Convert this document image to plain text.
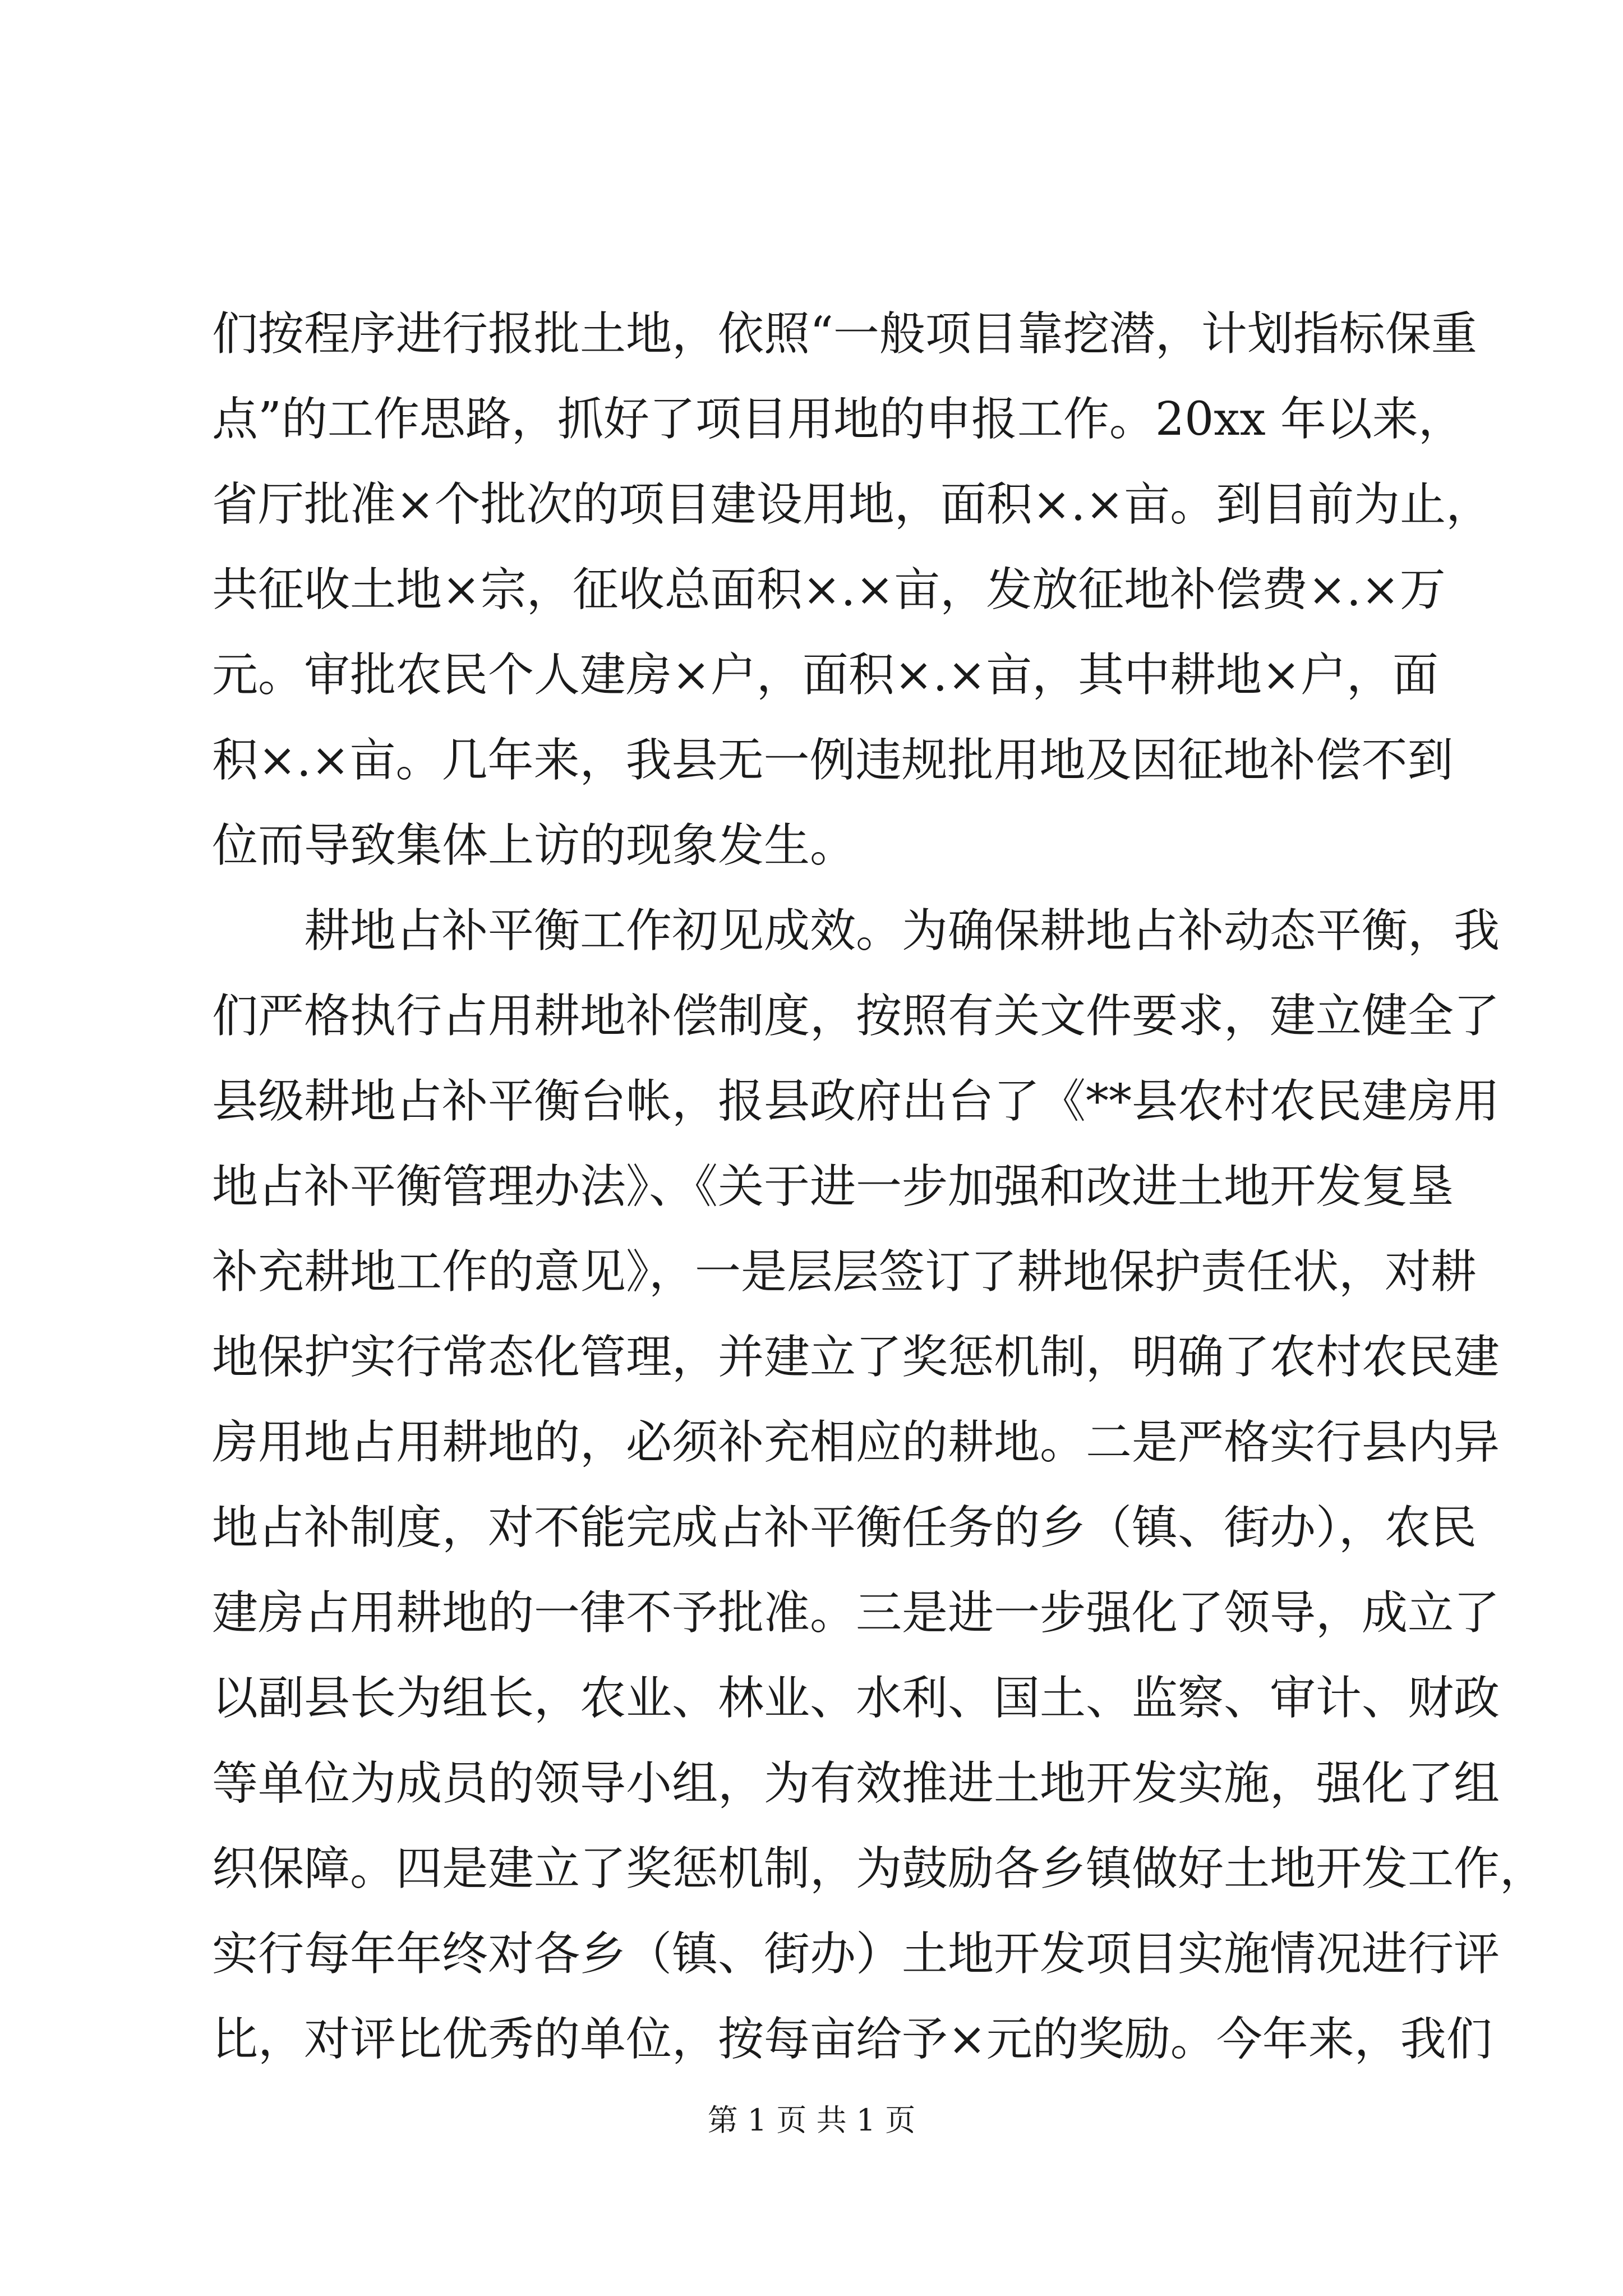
们按程序进行报批土地，依照“一般项目靠挖潜，计划指标保重
点”的工作思路，抓好了项目用地的申报工作。20xx 年以来，
省厅批准×个批次的项目建设用地，面积×.×亩。到目前为止，
共征收土地×宗，征收总面积×.×亩，发放征地补偿费×.×万
元。审批农民个人建房×户，面积×.×亩，其中耕地×户，面
积×.×亩。几年来，我县无一例违规批用地及因征地补偿不到
位而导致集体上访的现象发生。
耕地占补平衡工作初见成效。为确保耕地占补动态平衡，我
们严格执行占用耕地补偿制度，按照有关文件要求，建立健全了
县级耕地占补平衡台帐，报县政府出台了《**县农村农民建房用
地占补平衡管理办法》、《关于进一步加强和改进土地开发复垦
补充耕地工作的意见》，一是层层签订了耕地保护责任状，对耕
地保护实行常态化管理，并建立了奖惩机制，明确了农村农民建
房用地占用耕地的，必须补充相应的耕地。二是严格实行县内异
地占补制度，对不能完成占补平衡任务的乡（镇、街办），农民
建房占用耕地的一律不予批准。三是进一步强化了领导，成立了
以副县长为组长，农业、林业、水利、国土、监察、审计、财政
等单位为成员的领导小组，为有效推进土地开发实施，强化了组
织保障。四是建立了奖惩机制，为鼓励各乡镇做好土地开发工作，
实行每年年终对各乡（镇、街办）土地开发项目实施情况进行评
比，对评比优秀的单位，按每亩给予×元的奖励。今年来，我们
第 1 页 共 1 页
